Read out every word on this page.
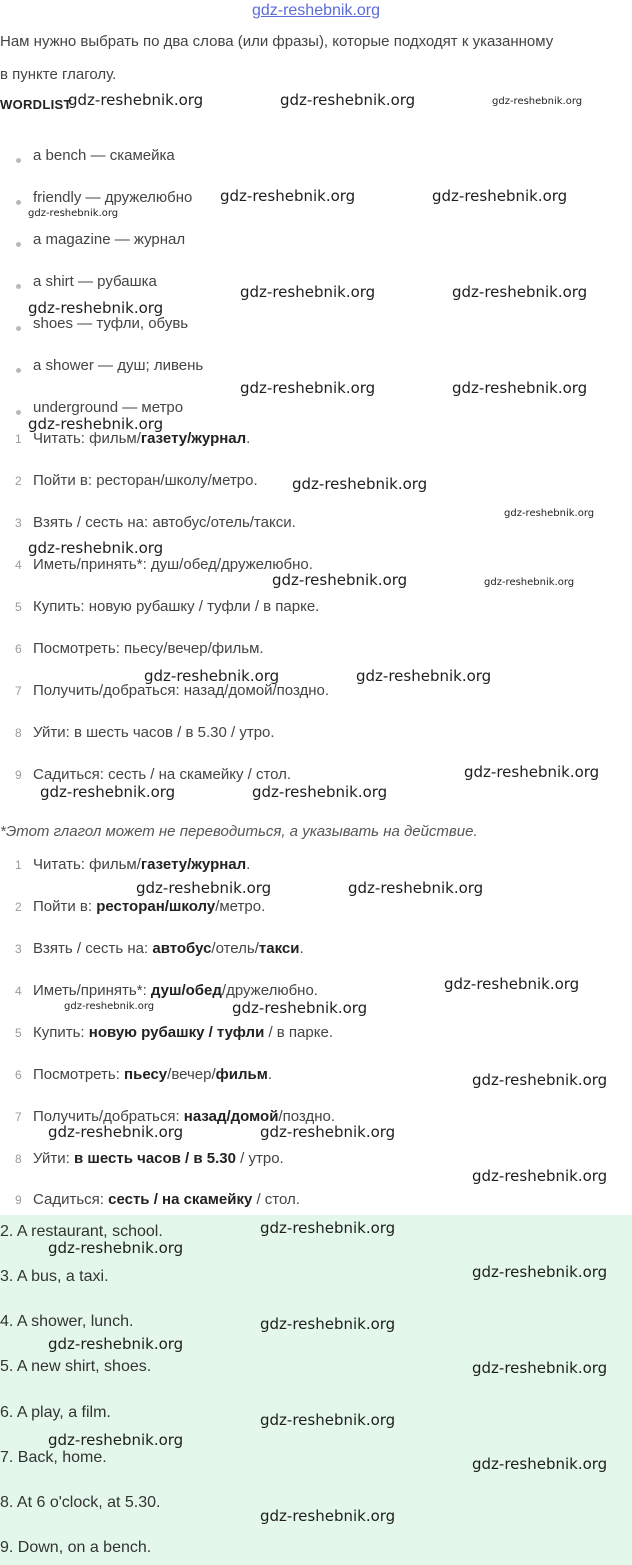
gdz-reshebnik.org
Нам нужно выбрать по два слова (или фразы), которые подходят к указанному
в пункте глаголу.
WORDLIST
a bench — скамейка
friendly — дружелюбно
a magazine — журнал
a shirt — рубашка
shoes — туфли, обувь
a shower — душ; ливень
underground — метро
1 Читать: фильм/газету/журнал.
2 Пойти в: ресторан/школу/метро.
3 Взять / сесть на: автобус/отель/такси.
4 Иметь/принять*: душ/обед/дружелюбно.
5 Купить: новую рубашку / туфли / в парке.
6 Посмотреть: пьесу/вечер/фильм.
7 Получить/добраться: назад/домой/поздно.
8 Уйти: в шесть часов / в 5.30 / утро.
9 Садиться: сесть / на скамейку / стол.
*Этот глагол может не переводиться, а указывать на действие.
1 Читать: фильм/газету/журнал.
2 Пойти в: ресторан/школу/метро.
3 Взять / сесть на: автобус/отель/такси.
4 Иметь/принять*: душ/обед/дружелюбно.
5 Купить: новую рубашку / туфли / в парке.
6 Посмотреть: пьесу/вечер/фильм.
7 Получить/добраться: назад/домой/поздно.
8 Уйти: в шесть часов / в 5.30 / утро.
9 Садиться: сесть / на скамейку / стол.
2. A restaurant, school.
3. A bus, a taxi.
4. A shower, lunch.
5. A new shirt, shoes.
6. A play, a film.
7. Back, home.
8. At 6 o'clock, at 5.30.
9. Down, on a bench.
gdz-reshebnik.org	gdz-reshebnik.org	gdz-reshebnik.org
gdz-reshebnik.org	gdz-reshebnik.org
gdz-reshebnik.org
gdz-reshebnik.org	gdz-reshebnik.org
gdz-reshebnik.org
gdz-reshebnik.org	gdz-reshebnik.org
gdz-reshebnik.org
gdz-reshebnik.org
gdz-reshebnik.org
gdz-reshebnik.org
gdz-reshebnik.org	gdz-reshebnik.org
gdz-reshebnik.org	gdz-reshebnik.org
gdz-reshebnik.org
gdz-reshebnik.org	gdz-reshebnik.org
gdz-reshebnik.org	gdz-reshebnik.org
gdz-reshebnik.org
gdz-reshebnik.org	gdz-reshebnik.org
gdz-reshebnik.org
gdz-reshebnik.org	gdz-reshebnik.org
gdz-reshebnik.org
gdz-reshebnik.org
gdz-reshebnik.org
gdz-reshebnik.org
gdz-reshebnik.org
gdz-reshebnik.org
gdz-reshebnik.org
gdz-reshebnik.org
gdz-reshebnik.org
gdz-reshebnik.org
gdz-reshebnik.org
